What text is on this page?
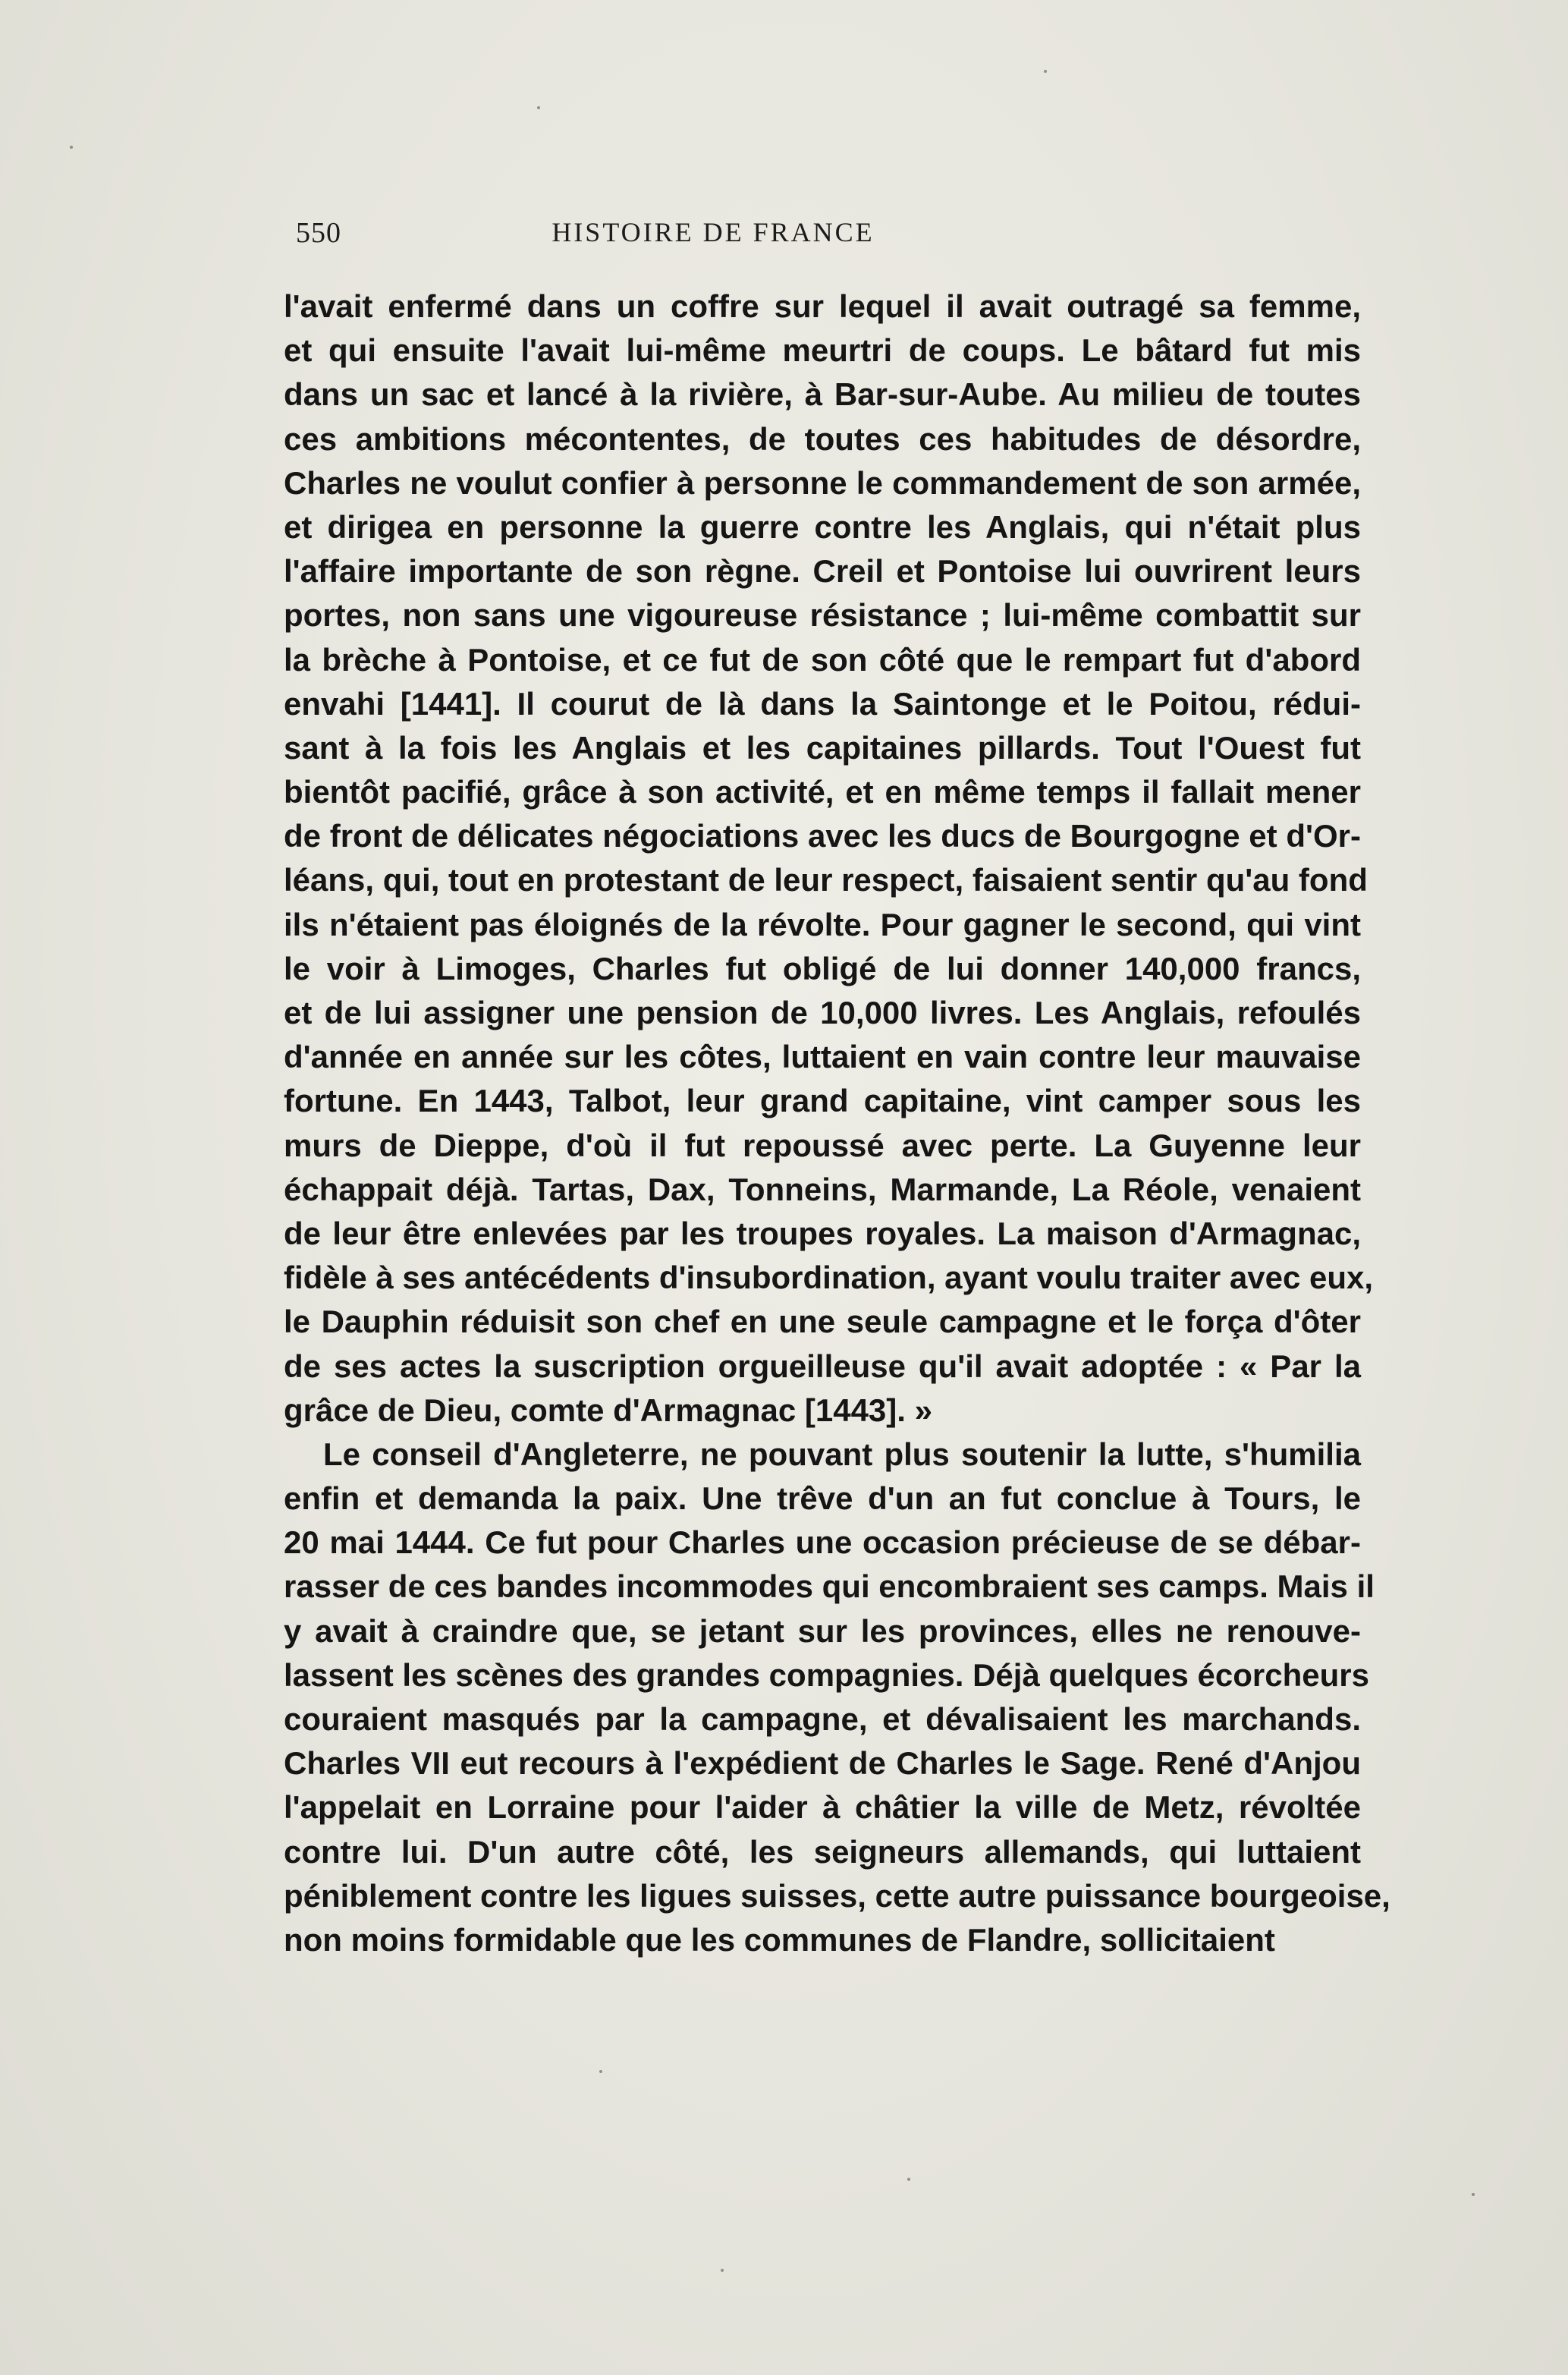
550	HISTOIRE DE FRANCE
l'avait enfermé dans un coffre sur lequel il avait outragé sa femme,
et qui ensuite l'avait lui-même meurtri de coups. Le bâtard fut mis
dans un sac et lancé à la rivière, à Bar-sur-Aube. Au milieu de toutes
ces ambitions mécontentes, de toutes ces habitudes de désordre,
Charles ne voulut confier à personne le commandement de son armée,
et dirigea en personne la guerre contre les Anglais, qui n'était plus
l'affaire importante de son règne. Creil et Pontoise lui ouvrirent leurs
portes, non sans une vigoureuse résistance ; lui-même combattit sur
la brèche à Pontoise, et ce fut de son côté que le rempart fut d'abord
envahi [1441]. Il courut de là dans la Saintonge et le Poitou, rédui-
sant à la fois les Anglais et les capitaines pillards. Tout l'Ouest fut
bientôt pacifié, grâce à son activité, et en même temps il fallait mener
de front de délicates négociations avec les ducs de Bourgogne et d'Or-
léans, qui, tout en protestant de leur respect, faisaient sentir qu'au fond
ils n'étaient pas éloignés de la révolte. Pour gagner le second, qui vint
le voir à Limoges, Charles fut obligé de lui donner 140,000 francs,
et de lui assigner une pension de 10,000 livres. Les Anglais, refoulés
d'année en année sur les côtes, luttaient en vain contre leur mauvaise
fortune. En 1443, Talbot, leur grand capitaine, vint camper sous les
murs de Dieppe, d'où il fut repoussé avec perte. La Guyenne leur
échappait déjà. Tartas, Dax, Tonneins, Marmande, La Réole, venaient
de leur être enlevées par les troupes royales. La maison d'Armagnac,
fidèle à ses antécédents d'insubordination, ayant voulu traiter avec eux,
le Dauphin réduisit son chef en une seule campagne et le força d'ôter
de ses actes la suscription orgueilleuse qu'il avait adoptée : « Par la
grâce de Dieu, comte d'Armagnac [1443]. »
Le conseil d'Angleterre, ne pouvant plus soutenir la lutte, s'humilia
enfin et demanda la paix. Une trêve d'un an fut conclue à Tours, le
20 mai 1444. Ce fut pour Charles une occasion précieuse de se débar-
rasser de ces bandes incommodes qui encombraient ses camps. Mais il
y avait à craindre que, se jetant sur les provinces, elles ne renouve-
lassent les scènes des grandes compagnies. Déjà quelques écorcheurs
couraient masqués par la campagne, et dévalisaient les marchands.
Charles VII eut recours à l'expédient de Charles le Sage. René d'Anjou
l'appelait en Lorraine pour l'aider à châtier la ville de Metz, révoltée
contre lui. D'un autre côté, les seigneurs allemands, qui luttaient
péniblement contre les ligues suisses, cette autre puissance bourgeoise,
non moins formidable que les communes de Flandre, sollicitaient
